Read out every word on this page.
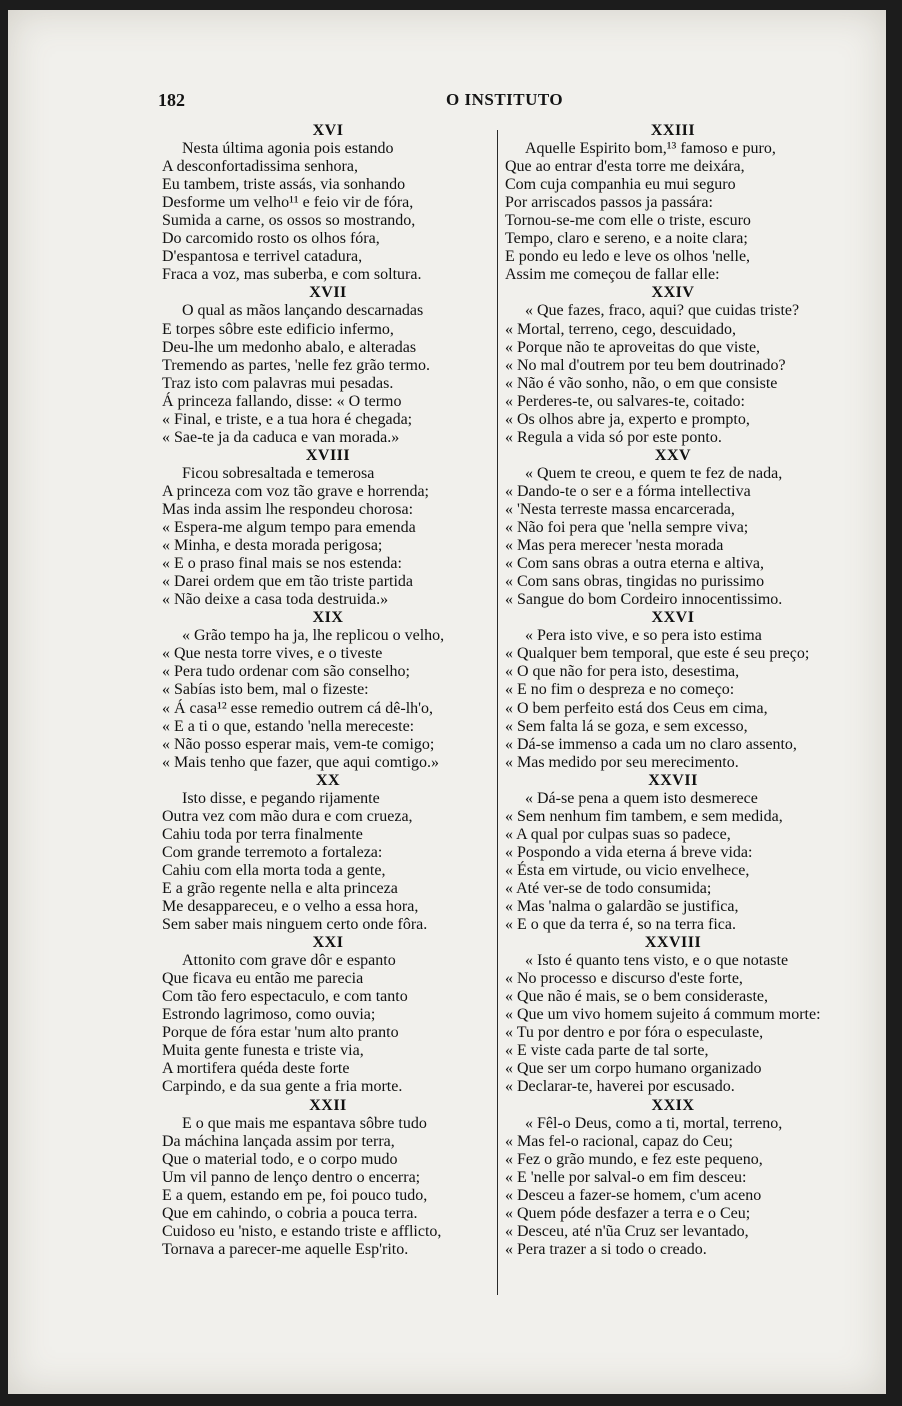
182	O INSTITUTO
XVI
Nesta última agonia pois estando
A desconfortadissima senhora,
Eu tambem, triste assás, via sonhando
Desforme um velho¹¹ e feio vir de fóra,
Sumida a carne, os ossos so mostrando,
Do carcomido rosto os olhos fóra,
D'espantosa e terrivel catadura,
Fraca a voz, mas suberba, e com soltura.
XVII
O qual as mãos lançando descarnadas
E torpes sôbre este edificio infermo,
Deu-lhe um medonho abalo, e alteradas
Tremendo as partes, 'nelle fez grão termo.
Traz isto com palavras mui pesadas.
Á princeza fallando, disse: « O termo
« Final, e triste, e a tua hora é chegada;
« Sae-te ja da caduca e van morada.»
XVIII
Ficou sobresaltada e temerosa
A princeza com voz tão grave e horrenda;
Mas inda assim lhe respondeu chorosa:
« Espera-me algum tempo para emenda
« Minha, e desta morada perigosa;
« E o praso final mais se nos estenda:
« Darei ordem que em tão triste partida
« Não deixe a casa toda destruida.»
XIX
« Grão tempo ha ja, lhe replicou o velho,
« Que nesta torre vives, e o tiveste
« Pera tudo ordenar com são conselho;
« Sabías isto bem, mal o fizeste:
« Á casa¹² esse remedio outrem cá dê-lh'o,
« E a ti o que, estando 'nella mereceste:
« Não posso esperar mais, vem-te comigo;
« Mais tenho que fazer, que aqui comtigo.»
XX
Isto disse, e pegando rijamente
Outra vez com mão dura e com crueza,
Cahiu toda por terra finalmente
Com grande terremoto a fortaleza:
Cahiu com ella morta toda a gente,
E a grão regente nella e alta princeza
Me desappareceu, e o velho a essa hora,
Sem saber mais ninguem certo onde fôra.
XXI
Attonito com grave dôr e espanto
Que ficava eu então me parecia
Com tão fero espectaculo, e com tanto
Estrondo lagrimoso, como ouvia;
Porque de fóra estar 'num alto pranto
Muita gente funesta e triste via,
A mortifera quéda deste forte
Carpindo, e da sua gente a fria morte.
XXII
E o que mais me espantava sôbre tudo
Da máchina lançada assim por terra,
Que o material todo, e o corpo mudo
Um vil panno de lenço dentro o encerra;
E a quem, estando em pe, foi pouco tudo,
Que em cahindo, o cobria a pouca terra.
Cuidoso eu 'nisto, e estando triste e afflicto,
Tornava a parecer-me aquelle Esp'rito.
XXIII
Aquelle Espirito bom,¹³ famoso e puro,
Que ao entrar d'esta torre me deixára,
Com cuja companhia eu mui seguro
Por arriscados passos ja passára:
Tornou-se-me com elle o triste, escuro
Tempo, claro e sereno, e a noite clara;
E pondo eu ledo e leve os olhos 'nelle,
Assim me começou de fallar elle:
XXIV
« Que fazes, fraco, aqui? que cuidas triste?
« Mortal, terreno, cego, descuidado,
« Porque não te aproveitas do que viste,
« No mal d'outrem por teu bem doutrinado?
« Não é vão sonho, não, o em que consiste
« Perderes-te, ou salvares-te, coitado:
« Os olhos abre ja, experto e prompto,
« Regula a vida só por este ponto.
XXV
« Quem te creou, e quem te fez de nada,
« Dando-te o ser e a fórma intellectiva
« 'Nesta terreste massa encarcerada,
« Não foi pera que 'nella sempre viva;
« Mas pera merecer 'nesta morada
« Com sans obras a outra eterna e altiva,
« Com sans obras, tingidas no purissimo
« Sangue do bom Cordeiro innocentissimo.
XXVI
« Pera isto vive, e so pera isto estima
« Qualquer bem temporal, que este é seu preço;
« O que não for pera isto, desestima,
« E no fim o despreza e no começo:
« O bem perfeito está dos Ceus em cima,
« Sem falta lá se goza, e sem excesso,
« Dá-se immenso a cada um no claro assento,
« Mas medido por seu merecimento.
XXVII
« Dá-se pena a quem isto desmerece
« Sem nenhum fim tambem, e sem medida,
« A qual por culpas suas so padece,
« Pospondo a vida eterna á breve vida:
« Ésta em virtude, ou vicio envelhece,
« Até ver-se de todo consumida;
« Mas 'nalma o galardão se justifica,
« E o que da terra é, so na terra fica.
XXVIII
« Isto é quanto tens visto, e o que notaste
« No processo e discurso d'este forte,
« Que não é mais, se o bem consideraste,
« Que um vivo homem sujeito á commum morte:
« Tu por dentro e por fóra o especulaste,
« E viste cada parte de tal sorte,
« Que ser um corpo humano organizado
« Declarar-te, haverei por escusado.
XXIX
« Fêl-o Deus, como a ti, mortal, terreno,
« Mas fel-o racional, capaz do Ceu;
« Fez o grão mundo, e fez este pequeno,
« E 'nelle por salval-o em fim desceu:
« Desceu a fazer-se homem, c'um aceno
« Quem póde desfazer a terra e o Ceu;
« Desceu, até n'ũa Cruz ser levantado,
« Pera trazer a si todo o creado.
